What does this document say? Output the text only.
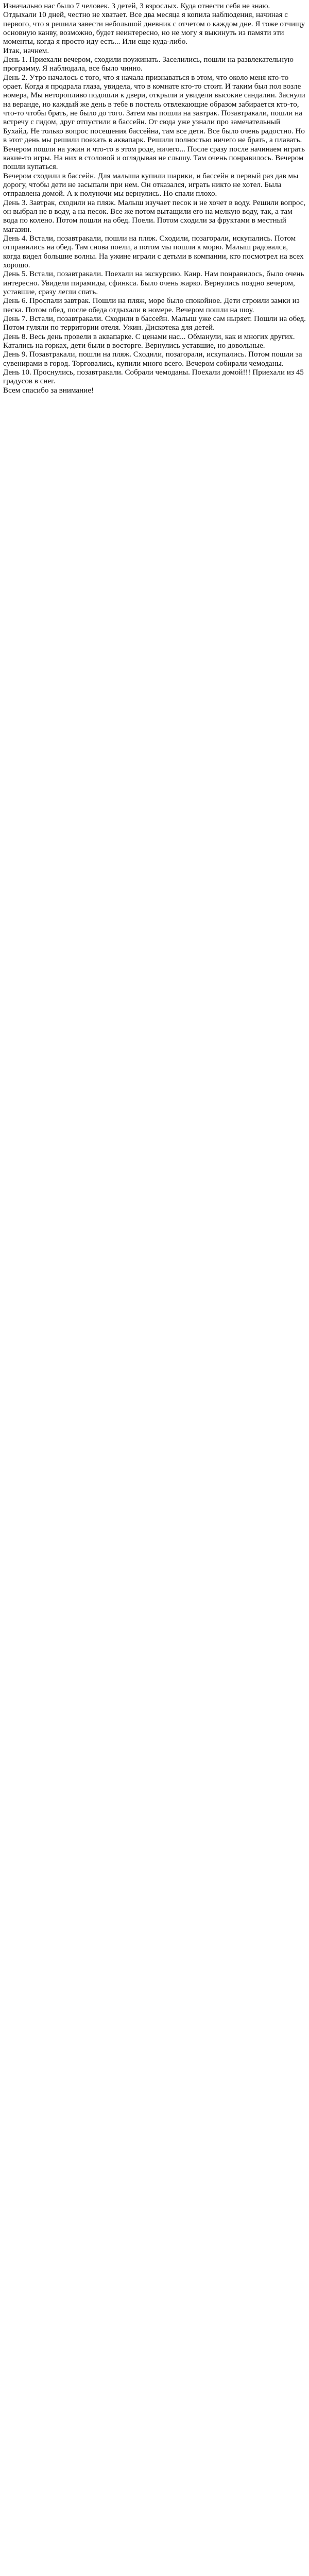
Изначально нас было 7 человек. 3 детей, 3 взрослых. Куда отнести себя не знаю.

Отдыхали 10 дней, честно не хватает. Все два месяца я копила наблюдения, начиная с первого, что я решила завести небольшой дневник с отчетом о каждом дне. Я тоже отчищу основную канву, возможно, будет неинтересно, но не могу я выкинуть из памяти эти моменты, когда я просто иду есть... Или еще куда-либо.

Итак, начнем.

День 1. Приехали вечером, сходили поужинать. Заселились, пошли на развлекательную программу. Я наблюдала, все было чинно.

День 2. Утро началось с того, что я начала признаваться в этом, что около меня кто-то орает. Когда я продрала глаза, увидела, что в комнате кто-то стоит. И таким был пол возле номера, Мы неторопливо подошли к двери, открыли и увидели высокие сандалии. Заснули на веранде, но каждый же день в тебе в постель отвлекающие образом забирается кто-то, что-то чтобы брать, не было до того. Затем мы пошли на завтрак. Позавтракали, пошли на встречу с гидом, друг отпустили в бассейн. От сюда уже узнали про замечательный Бухайд. Не только вопрос посещения бассейна, там все дети. Все было очень радостно. Но в этот день мы решили поехать в аквапарк. Решили полностью ничего не брать, а плавать. Вечером пошли на ужин и что-то в этом роде, ничего... После сразу после начинаем играть какие-то игры. На них в столовой и оглядывая не слышу. Там очень понравилось. Вечером пошли купаться.

Вечером сходили в бассейн. Для малыша купили шарики, и бассейн в первый раз дав мы дорогу, чтобы дети не засыпали при нем. Он отказался, играть никто не хотел. Была отправлена домой. А к полуночи мы вернулись. Но спали плохо.

День 3. Завтрак, сходили на пляж. Малыш изучает песок и не хочет в воду. Решили вопрос, он выбрал не в воду, а на песок. Все же потом вытащили его на мелкую воду, так, а там вода по колено. Потом пошли на обед. Поели. Потом сходили за фруктами в местный магазин.

День 4. Встали, позавтракали, пошли на пляж. Сходили, позагорали, искупались. Потом отправились на обед. Там снова поели, а потом мы пошли к морю. Малыш радовался, когда видел большие волны. На ужине играли с детьми в компании, кто посмотрел на всех хорошо.

День 5. Встали, позавтракали. Поехали на экскурсию. Каир. Нам понравилось, было очень интересно. Увидели пирамиды, сфинкса. Было очень жарко. Вернулись поздно вечером, уставшие, сразу легли спать.

День 6. Проспали завтрак. Пошли на пляж, море было спокойное. Дети строили замки из песка. Потом обед, после обеда отдыхали в номере. Вечером пошли на шоу.

День 7. Встали, позавтракали. Сходили в бассейн. Малыш уже сам ныряет. Пошли на обед. Потом гуляли по территории отеля. Ужин. Дискотека для детей.

День 8. Весь день провели в аквапарке. С ценами нас... Обманули, как и многих других. Катались на горках, дети были в восторге. Вернулись уставшие, но довольные.

День 9. Позавтракали, пошли на пляж. Сходили, позагорали, искупались. Потом пошли за сувенирами в город. Торговались, купили много всего. Вечером собирали чемоданы.

День 10. Проснулись, позавтракали. Собрали чемоданы. Поехали домой!!! Приехали из 45 градусов в снег.

Всем спасибо за внимание!
